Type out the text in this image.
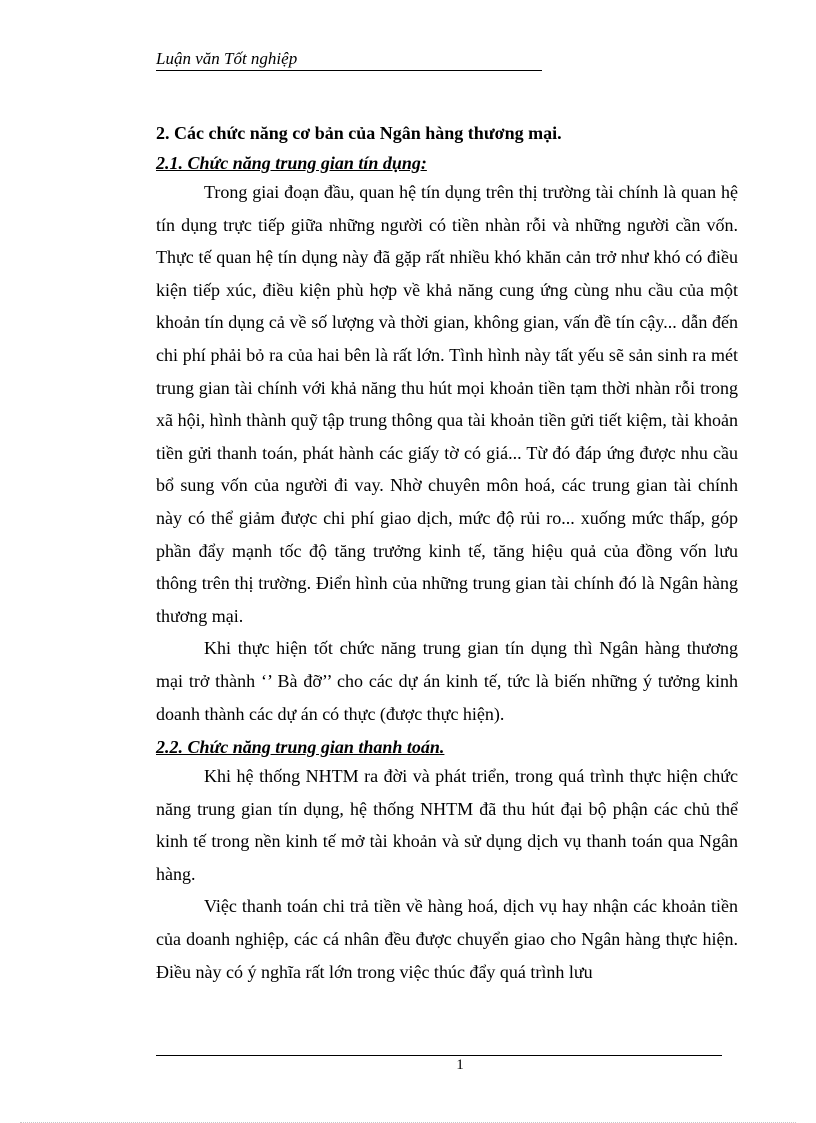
Luận văn Tốt nghiệp
2. Các chức năng cơ bản của Ngân hàng thương mại.
2.1. Chức năng trung gian tín dụng:

Trong giai đoạn đầu, quan hệ tín dụng trên thị trường tài chính là quan hệ tín dụng trực tiếp giữa những người có tiền nhàn rỗi và những người cần vốn. Thực tế quan hệ tín dụng này đã gặp rất nhiều khó khăn cản trở như khó có điều kiện tiếp xúc, điều kiện phù hợp về khả năng cung ứng cùng nhu cầu của một khoản tín dụng cả về số lượng và thời gian, không gian, vấn đề tín cậy... dẫn đến chi phí phải bỏ ra của hai bên là rất lớn. Tình hình này tất yếu sẽ sản sinh ra mét trung gian tài chính với khả năng thu hút mọi khoản tiền tạm thời nhàn rỗi trong xã hội, hình thành quỹ tập trung thông qua tài khoản tiền gửi tiết kiệm, tài khoản tiền gửi thanh toán, phát hành các giấy tờ có giá... Từ đó đáp ứng được nhu cầu bổ sung vốn của người đi vay. Nhờ chuyên môn hoá, các trung gian tài chính này có thể giảm được chi phí giao dịch, mức độ rủi ro... xuống mức thấp, góp phần đẩy mạnh tốc độ tăng trưởng kinh tế, tăng hiệu quả của đồng vốn lưu thông trên thị trường. Điển hình của những trung gian tài chính đó là Ngân hàng thương mại.

Khi thực hiện tốt chức năng trung gian tín dụng thì Ngân hàng thương mại trở thành ‘’ Bà đỡ’’ cho các dự án kinh tế, tức là biến những ý tưởng kinh doanh thành các dự án có thực (được thực hiện).

2.2. Chức năng trung gian thanh toán.

Khi hệ thống NHTM ra đời và phát triển, trong quá trình thực hiện chức năng trung gian tín dụng, hệ thống NHTM đã thu hút đại bộ phận các chủ thể kinh tế trong nền kinh tế mở tài khoản và sử dụng dịch vụ thanh toán qua Ngân hàng.

Việc thanh toán chi trả tiền về hàng hoá, dịch vụ hay nhận các khoản tiền của doanh nghiệp, các cá nhân đều được chuyển giao cho Ngân hàng thực hiện. Điều này có ý nghĩa rất lớn trong việc thúc đẩy quá trình lưu

1
